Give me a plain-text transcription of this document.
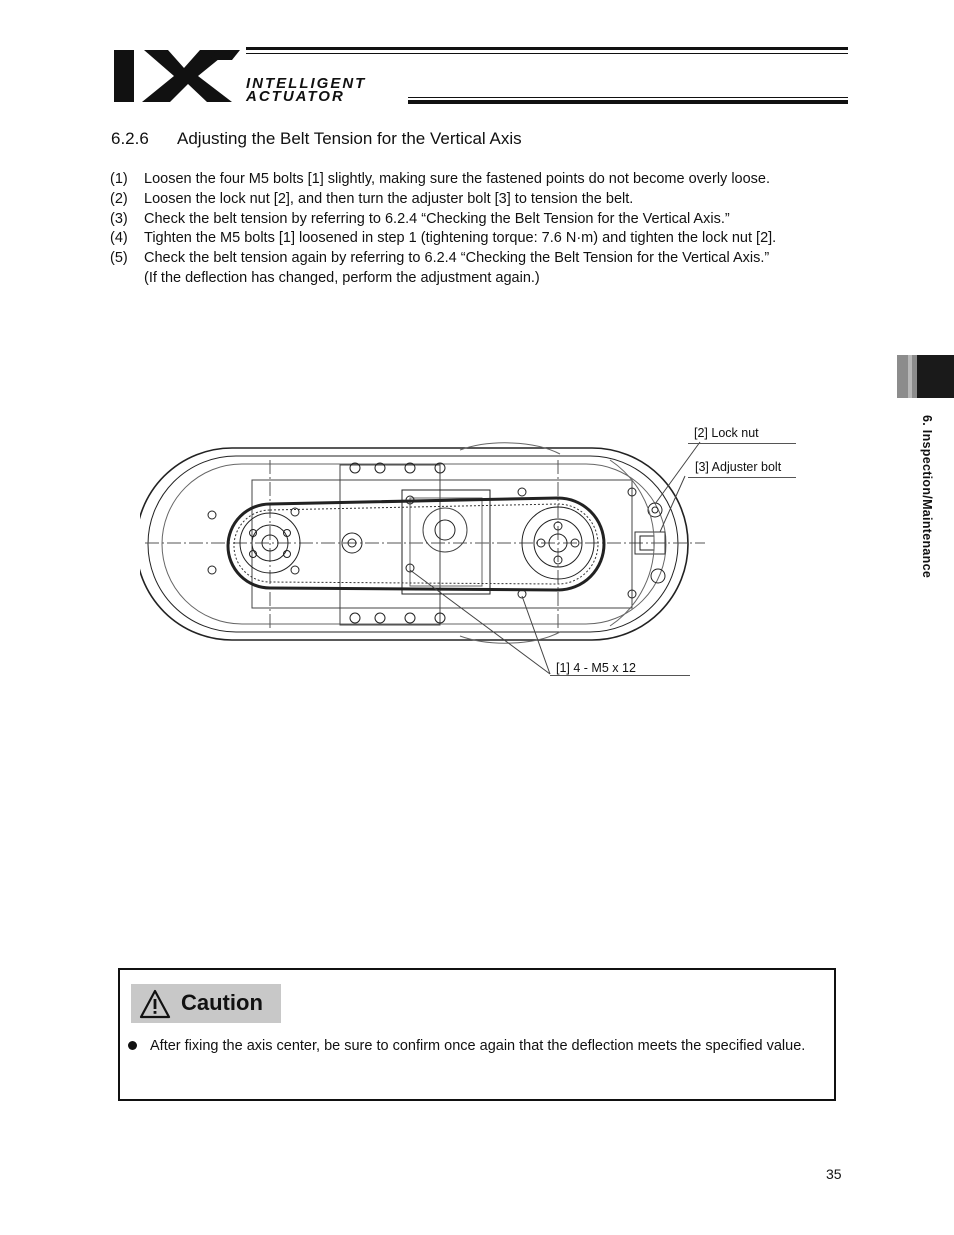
INTELLIGENT
ACTUATOR
6.2.6 Adjusting the Belt Tension for the Vertical Axis
(1)	Loosen the four M5 bolts [1] slightly, making sure the fastened points do not become overly loose.
(2)	Loosen the lock nut [2], and then turn the adjuster bolt [3] to tension the belt.
(3)	Check the belt tension by referring to 6.2.4 “Checking the Belt Tension for the Vertical Axis.”
(4)	Tighten the M5 bolts [1] loosened in step 1 (tightening torque: 7.6 N·m) and tighten the lock nut [2].
(5)	Check the belt tension again by referring to 6.2.4 “Checking the Belt Tension for the Vertical Axis.”
(If the deflection has changed, perform the adjustment again.)
6. Inspection/Maintenance
[2] Lock nut
[3] Adjuster bolt
[1] 4 - M5 x 12
Caution
After fixing the axis center, be sure to confirm once again that the deflection meets the specified value.
35
